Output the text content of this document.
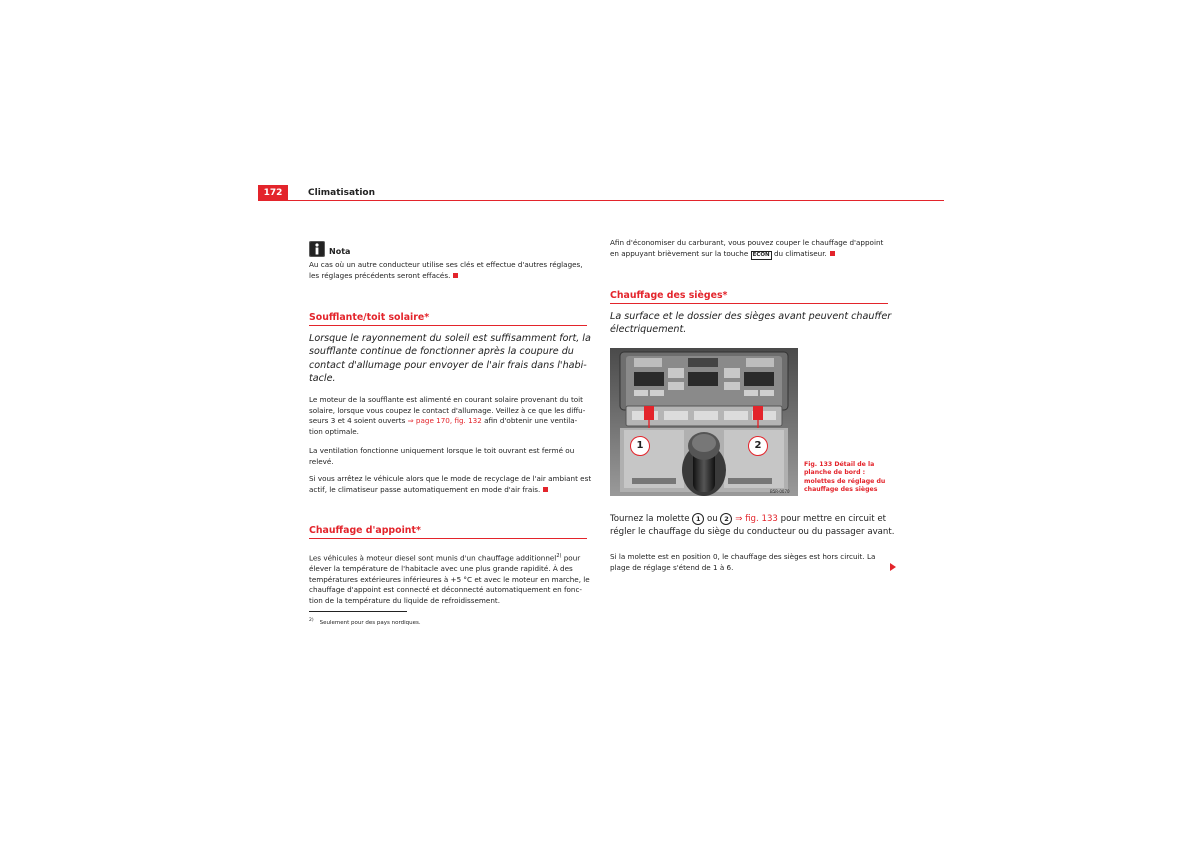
172	Climatisation
Nota
Au cas où un autre conducteur utilise ses clés et effectue d'autres réglages,
les réglages précédents seront effacés.
Soufflante/toit solaire*
Lorsque le rayonnement du soleil est suffisamment fort, la
soufflante continue de fonctionner après la coupure du
contact d'allumage pour envoyer de l'air frais dans l'habi-
tacle.
Le moteur de la soufflante est alimenté en courant solaire provenant du toit
solaire, lorsque vous coupez le contact d'allumage. Veillez à ce que les diffu-
seurs 3 et 4 soient ouverts ⇒ page 170, fig. 132 afin d'obtenir une ventila-
tion optimale.
La ventilation fonctionne uniquement lorsque le toit ouvrant est fermé ou
relevé.
Si vous arrêtez le véhicule alors que le mode de recyclage de l'air ambiant est
actif, le climatiseur passe automatiquement en mode d'air frais.
Chauffage d'appoint*
Les véhicules à moteur diesel sont munis d'un chauffage additionnel$^{2)}$ pour
élever la température de l'habitacle avec une plus grande rapidité. À des
températures extérieures inférieures à +5 °C et avec le moteur en marche, le
chauffage d'appoint est connecté et déconnecté automatiquement en fonc-
tion de la température du liquide de refroidissement.
$^{2)}$ Seulement pour des pays nordiques.
Afin d'économiser du carburant, vous pouvez couper le chauffage d'appoint
en appuyant brièvement sur la touche ECON du climatiseur.
Chauffage des sièges*
La surface et le dossier des sièges avant peuvent chauffer
électriquement.
1	2
B5R-0070
Fig. 133 Détail de la
planche de bord :
molettes de réglage du
chauffage des sièges
Tournez la molette 1 ou 2 ⇒ fig. 133 pour mettre en circuit et
régler le chauffage du siège du conducteur ou du passager avant.
Si la molette est en position 0, le chauffage des sièges est hors circuit. La
plage de réglage s'étend de 1 à 6.
